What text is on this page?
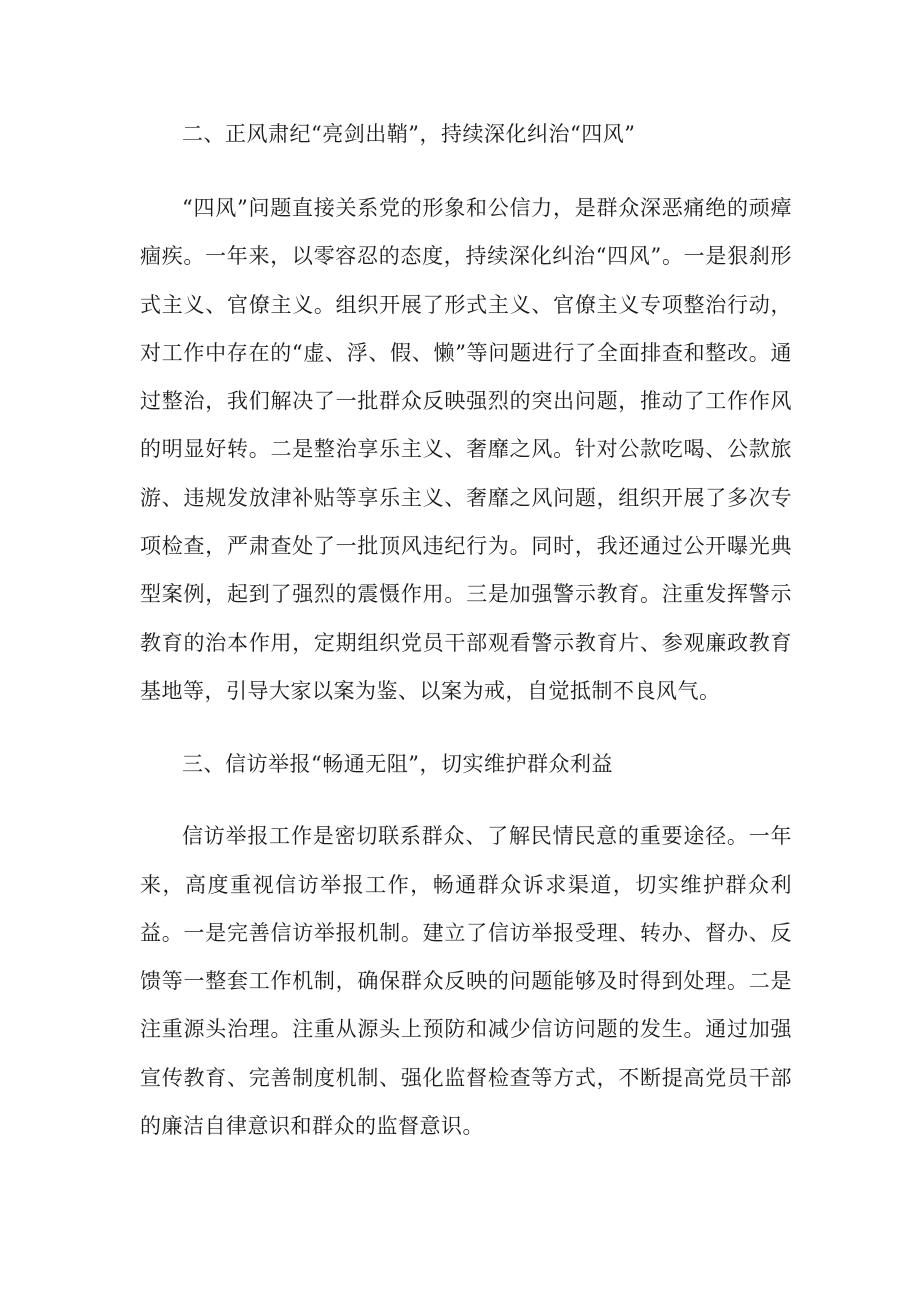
二、正风肃纪“亮剑出鞘”，持续深化纠治“四风”

“四风”问题直接关系党的形象和公信力，是群众深恶痛绝的顽瘴痼疾。一年来，以零容忍的态度，持续深化纠治“四风”。一是狠刹形式主义、官僚主义。组织开展了形式主义、官僚主义专项整治行动，对工作中存在的“虚、浮、假、懒”等问题进行了全面排查和整改。通过整治，我们解决了一批群众反映强烈的突出问题，推动了工作作风的明显好转。二是整治享乐主义、奢靡之风。针对公款吃喝、公款旅游、违规发放津补贴等享乐主义、奢靡之风问题，组织开展了多次专项检查，严肃查处了一批顶风违纪行为。同时，我还通过公开曝光典型案例，起到了强烈的震慑作用。三是加强警示教育。注重发挥警示教育的治本作用，定期组织党员干部观看警示教育片、参观廉政教育基地等，引导大家以案为鉴、以案为戒，自觉抵制不良风气。

三、信访举报“畅通无阻”，切实维护群众利益

信访举报工作是密切联系群众、了解民情民意的重要途径。一年来，高度重视信访举报工作，畅通群众诉求渠道，切实维护群众利益。一是完善信访举报机制。建立了信访举报受理、转办、督办、反馈等一整套工作机制，确保群众反映的问题能够及时得到处理。二是注重源头治理。注重从源头上预防和减少信访问题的发生。通过加强宣传教育、完善制度机制、强化监督检查等方式，不断提高党员干部的廉洁自律意识和群众的监督意识。
